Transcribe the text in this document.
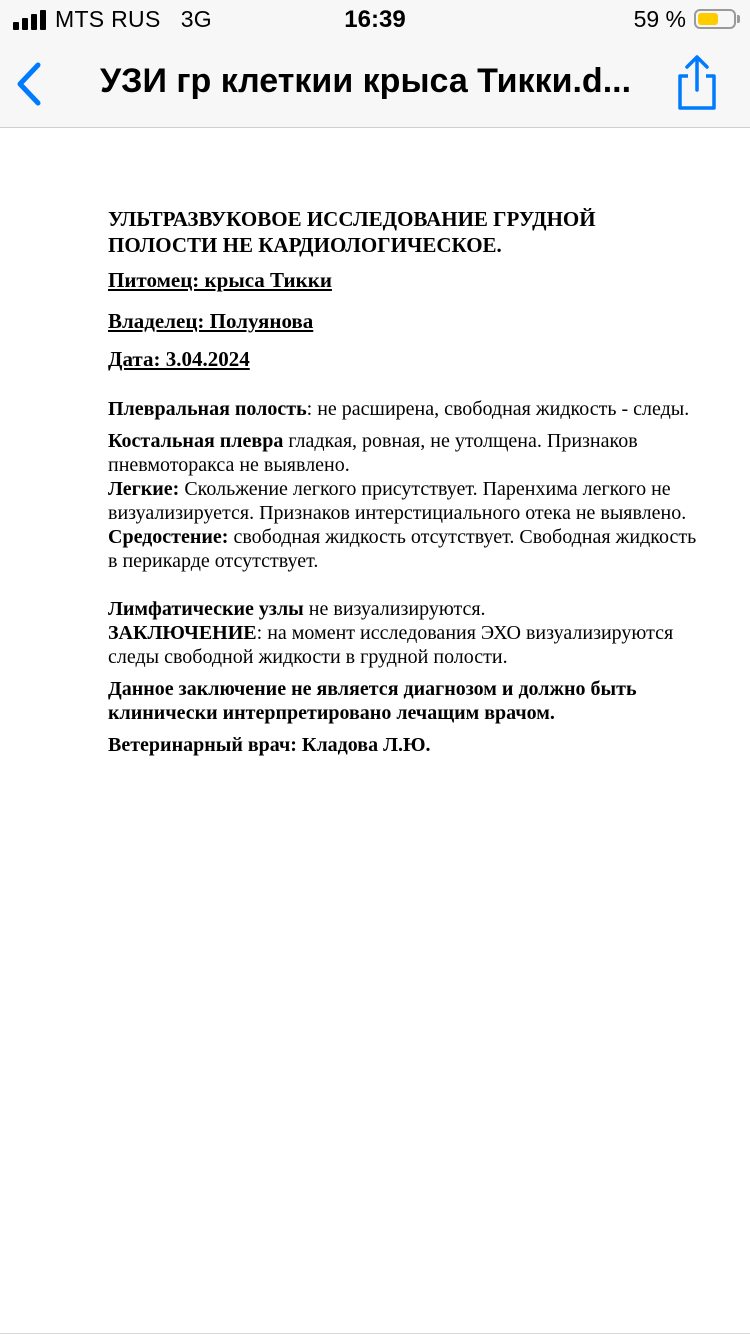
MTS RUS 3G	16:39	59 %
УЗИ гр клеткии крыса Тикки.d...

УЛЬТРАЗВУКОВОЕ ИССЛЕДОВАНИЕ ГРУДНОЙ ПОЛОСТИ НЕ КАРДИОЛОГИЧЕСКОЕ.

Питомец: крыса Тикки

Владелец: Полуянова

Дата: 3.04.2024

Плевральная полость: не расширена, свободная жидкость - следы.

Костальная плевра гладкая, ровная, не утолщена. Признаков пневмоторакса не выявлено.

Легкие: Скольжение легкого присутствует. Паренхима легкого не визуализируется. Признаков интерстициального отека не выявлено.

Средостение: свободная жидкость отсутствует. Свободная жидкость в перикарде отсутствует.

Лимфатические узлы не визуализируются.

ЗАКЛЮЧЕНИЕ: на момент исследования ЭХО визуализируются следы свободной жидкости в грудной полости.

Данное заключение не является диагнозом и должно быть клинически интерпретировано лечащим врачом.

Ветеринарный врач: Кладова Л.Ю.
